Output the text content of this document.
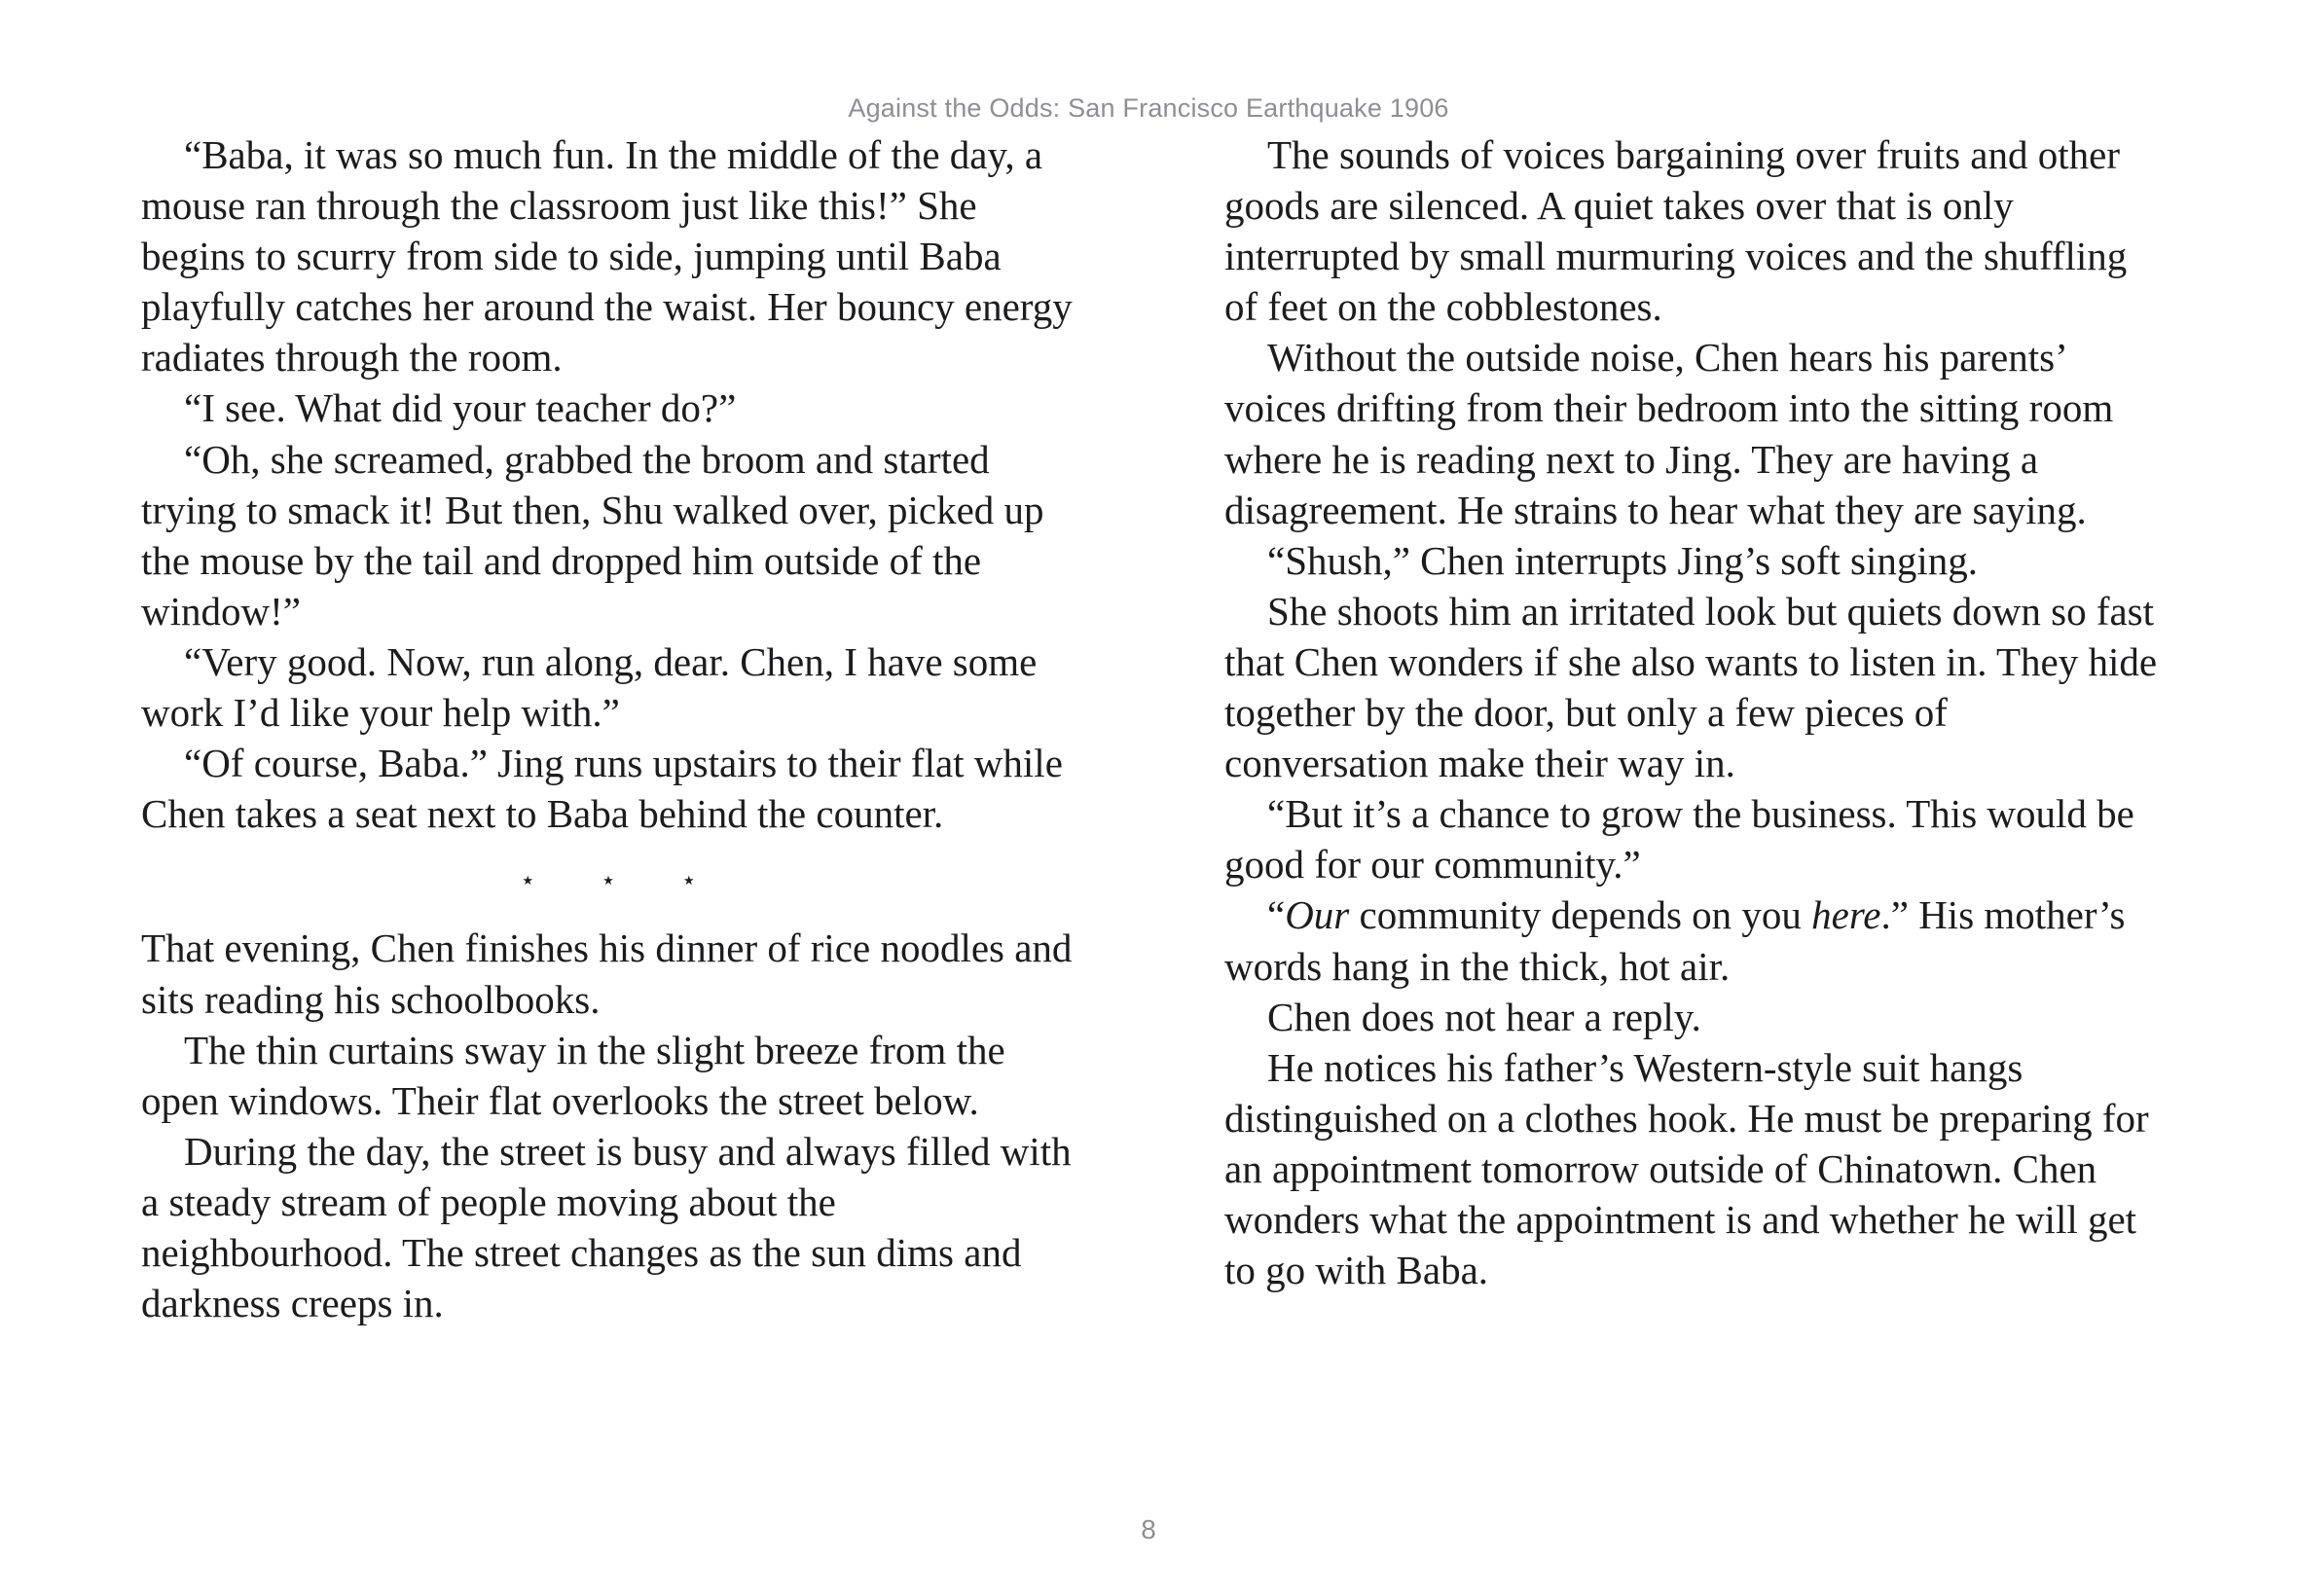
Against the Odds: San Francisco Earthquake 1906

“Baba, it was so much fun. In the middle of the day, a mouse ran through the classroom just like this!” She begins to scurry from side to side, jumping until Baba playfully catches her around the waist. Her bouncy energy radiates through the room.

“I see. What did your teacher do?”

“Oh, she screamed, grabbed the broom and started trying to smack it! But then, Shu walked over, picked up the mouse by the tail and dropped him outside of the window!”

“Very good. Now, run along, dear. Chen, I have some work I’d like your help with.”

“Of course, Baba.” Jing runs upstairs to their flat while Chen takes a seat next to Baba behind the counter.

⋆ ⋆ ⋆

That evening, Chen finishes his dinner of rice noodles and sits reading his schoolbooks.

The thin curtains sway in the slight breeze from the open windows. Their flat overlooks the street below.

During the day, the street is busy and always filled with a steady stream of people moving about the neighbourhood. The street changes as the sun dims and darkness creeps in.

The sounds of voices bargaining over fruits and other goods are silenced. A quiet takes over that is only interrupted by small murmuring voices and the shuffling of feet on the cobblestones.

Without the outside noise, Chen hears his parents’ voices drifting from their bedroom into the sitting room where he is reading next to Jing. They are having a disagreement. He strains to hear what they are saying.

“Shush,” Chen interrupts Jing’s soft singing.

She shoots him an irritated look but quiets down so fast that Chen wonders if she also wants to listen in. They hide together by the door, but only a few pieces of conversation make their way in.

“But it’s a chance to grow the business. This would be good for our community.”

“Our community depends on you here.” His mother’s words hang in the thick, hot air.

Chen does not hear a reply.

He notices his father’s Western-style suit hangs distinguished on a clothes hook. He must be preparing for an appointment tomorrow outside of Chinatown. Chen wonders what the appointment is and whether he will get to go with Baba.

8
